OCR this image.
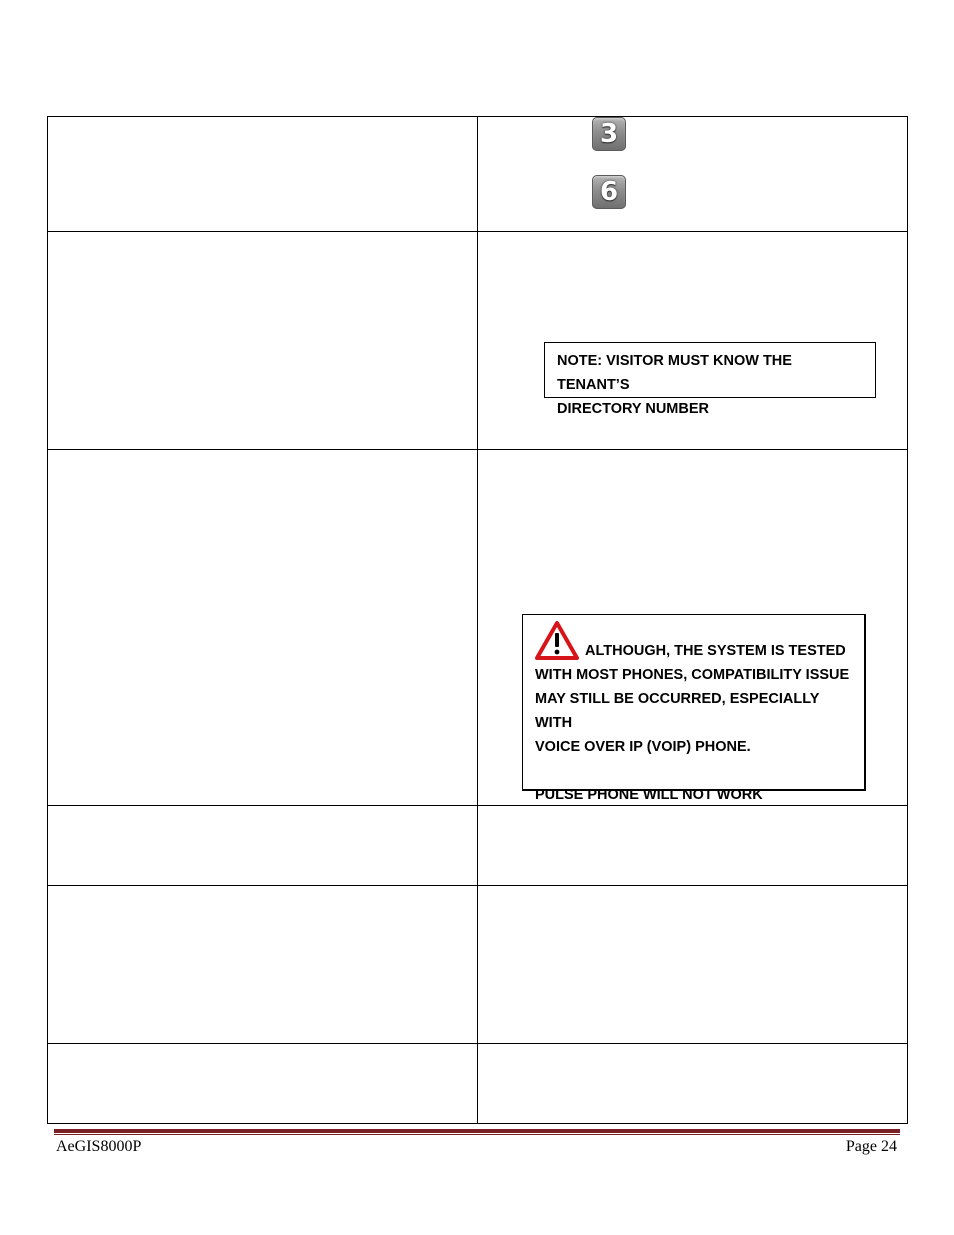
3
6

	NOTE: VISITOR MUST KNOW THE TENANT’S
DIRECTORY NUMBER

	ALTHOUGH, THE SYSTEM IS TESTED
WITH MOST PHONES, COMPATIBILITY ISSUE
MAY STILL BE OCCURRED, ESPECIALLY WITH
VOICE OVER IP (VOIP) PHONE.
PULSE PHONE WILL NOT WORK

AeGIS8000P	Page 24
